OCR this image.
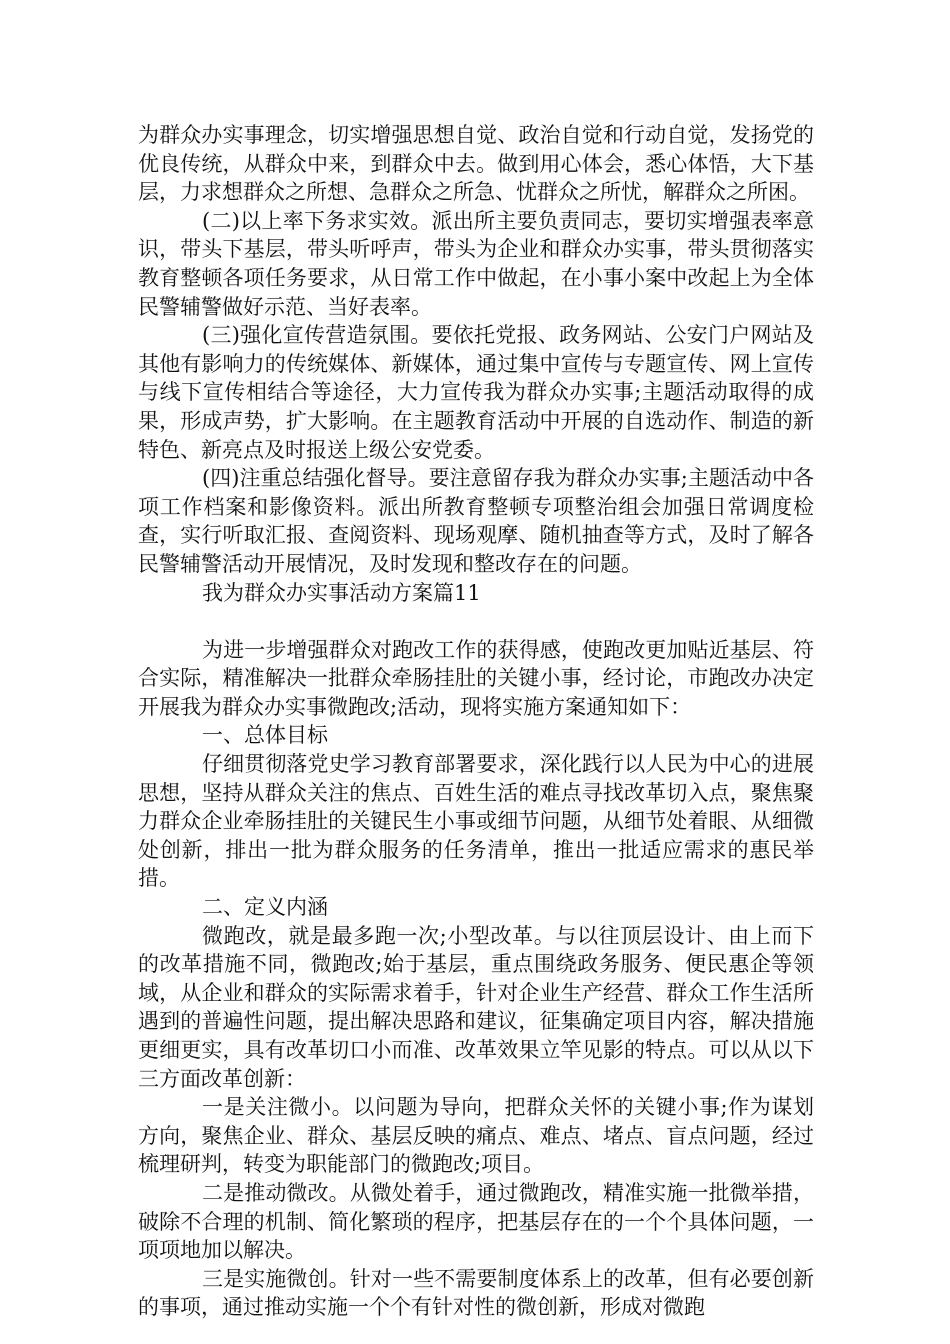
为群众办实事理念，切实增强思想自觉、政治自觉和行动自觉，发扬党的优良传统，从群众中来，到群众中去。做到用心体会，悉心体悟，大下基层，力求想群众之所想、急群众之所急、忧群众之所忧，解群众之所困。

(二)以上率下务求实效。派出所主要负责同志，要切实增强表率意识，带头下基层，带头听呼声，带头为企业和群众办实事，带头贯彻落实教育整顿各项任务要求，从日常工作中做起，在小事小案中改起上为全体民警辅警做好示范、当好表率。

(三)强化宣传营造氛围。要依托党报、政务网站、公安门户网站及其他有影响力的传统媒体、新媒体，通过集中宣传与专题宣传、网上宣传与线下宣传相结合等途径，大力宣传我为群众办实事;主题活动取得的成果，形成声势，扩大影响。在主题教育活动中开展的自选动作、制造的新特色、新亮点及时报送上级公安党委。

(四)注重总结强化督导。要注意留存我为群众办实事;主题活动中各项工作档案和影像资料。派出所教育整顿专项整治组会加强日常调度检查，实行听取汇报、查阅资料、现场观摩、随机抽查等方式，及时了解各民警辅警活动开展情况，及时发现和整改存在的问题。

我为群众办实事活动方案篇11

为进一步增强群众对跑改工作的获得感，使跑改更加贴近基层、符合实际，精准解决一批群众牵肠挂肚的关键小事，经讨论，市跑改办决定开展我为群众办实事微跑改;活动，现将实施方案通知如下：

一、总体目标

仔细贯彻落党史学习教育部署要求，深化践行以人民为中心的进展思想，坚持从群众关注的焦点、百姓生活的难点寻找改革切入点，聚焦聚力群众企业牵肠挂肚的关键民生小事或细节问题，从细节处着眼、从细微处创新，排出一批为群众服务的任务清单，推出一批适应需求的惠民举措。

二、定义内涵

微跑改，就是最多跑一次;小型改革。与以往顶层设计、由上而下的改革措施不同，微跑改;始于基层，重点围绕政务服务、便民惠企等领域，从企业和群众的实际需求着手，针对企业生产经营、群众工作生活所遇到的普遍性问题，提出解决思路和建议，征集确定项目内容，解决措施更细更实，具有改革切口小而准、改革效果立竿见影的特点。可以从以下三方面改革创新：

一是关注微小。以问题为导向，把群众关怀的关键小事;作为谋划方向，聚焦企业、群众、基层反映的痛点、难点、堵点、盲点问题，经过梳理研判，转变为职能部门的微跑改;项目。

二是推动微改。从微处着手，通过微跑改，精准实施一批微举措，破除不合理的机制、简化繁琐的程序，把基层存在的一个个具体问题，一项项地加以解决。

三是实施微创。针对一些不需要制度体系上的改革，但有必要创新的事项，通过推动实施一个个有针对性的微创新，形成对微跑
